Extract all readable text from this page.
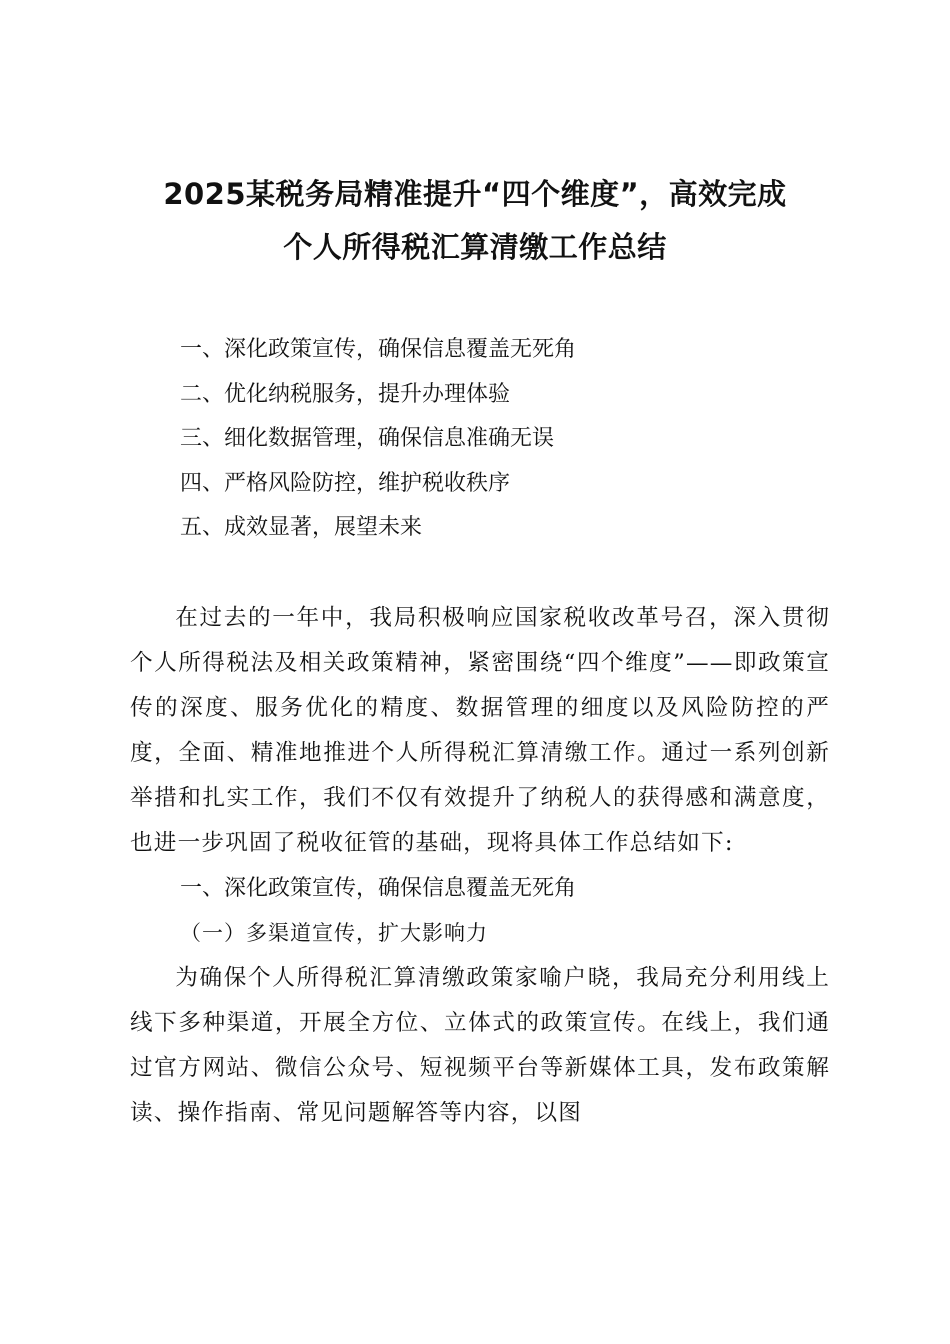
2025某税务局精准提升“四个维度”，高效完成
个人所得税汇算清缴工作总结
一、深化政策宣传，确保信息覆盖无死角
二、优化纳税服务，提升办理体验
三、细化数据管理，确保信息准确无误
四、严格风险防控，维护税收秩序
五、成效显著，展望未来

在过去的一年中，我局积极响应国家税收改革号召，深入贯彻个人所得税法及相关政策精神，紧密围绕“四个维度”——即政策宣传的深度、服务优化的精度、数据管理的细度以及风险防控的严度，全面、精准地推进个人所得税汇算清缴工作。通过一系列创新举措和扎实工作，我们不仅有效提升了纳税人的获得感和满意度，也进一步巩固了税收征管的基础，现将具体工作总结如下:

一、深化政策宣传，确保信息覆盖无死角

（一）多渠道宣传，扩大影响力

为确保个人所得税汇算清缴政策家喻户晓，我局充分利用线上线下多种渠道，开展全方位、立体式的政策宣传。在线上，我们通过官方网站、微信公众号、短视频平台等新媒体工具，发布政策解读、操作指南、常见问题解答等内容，以图
